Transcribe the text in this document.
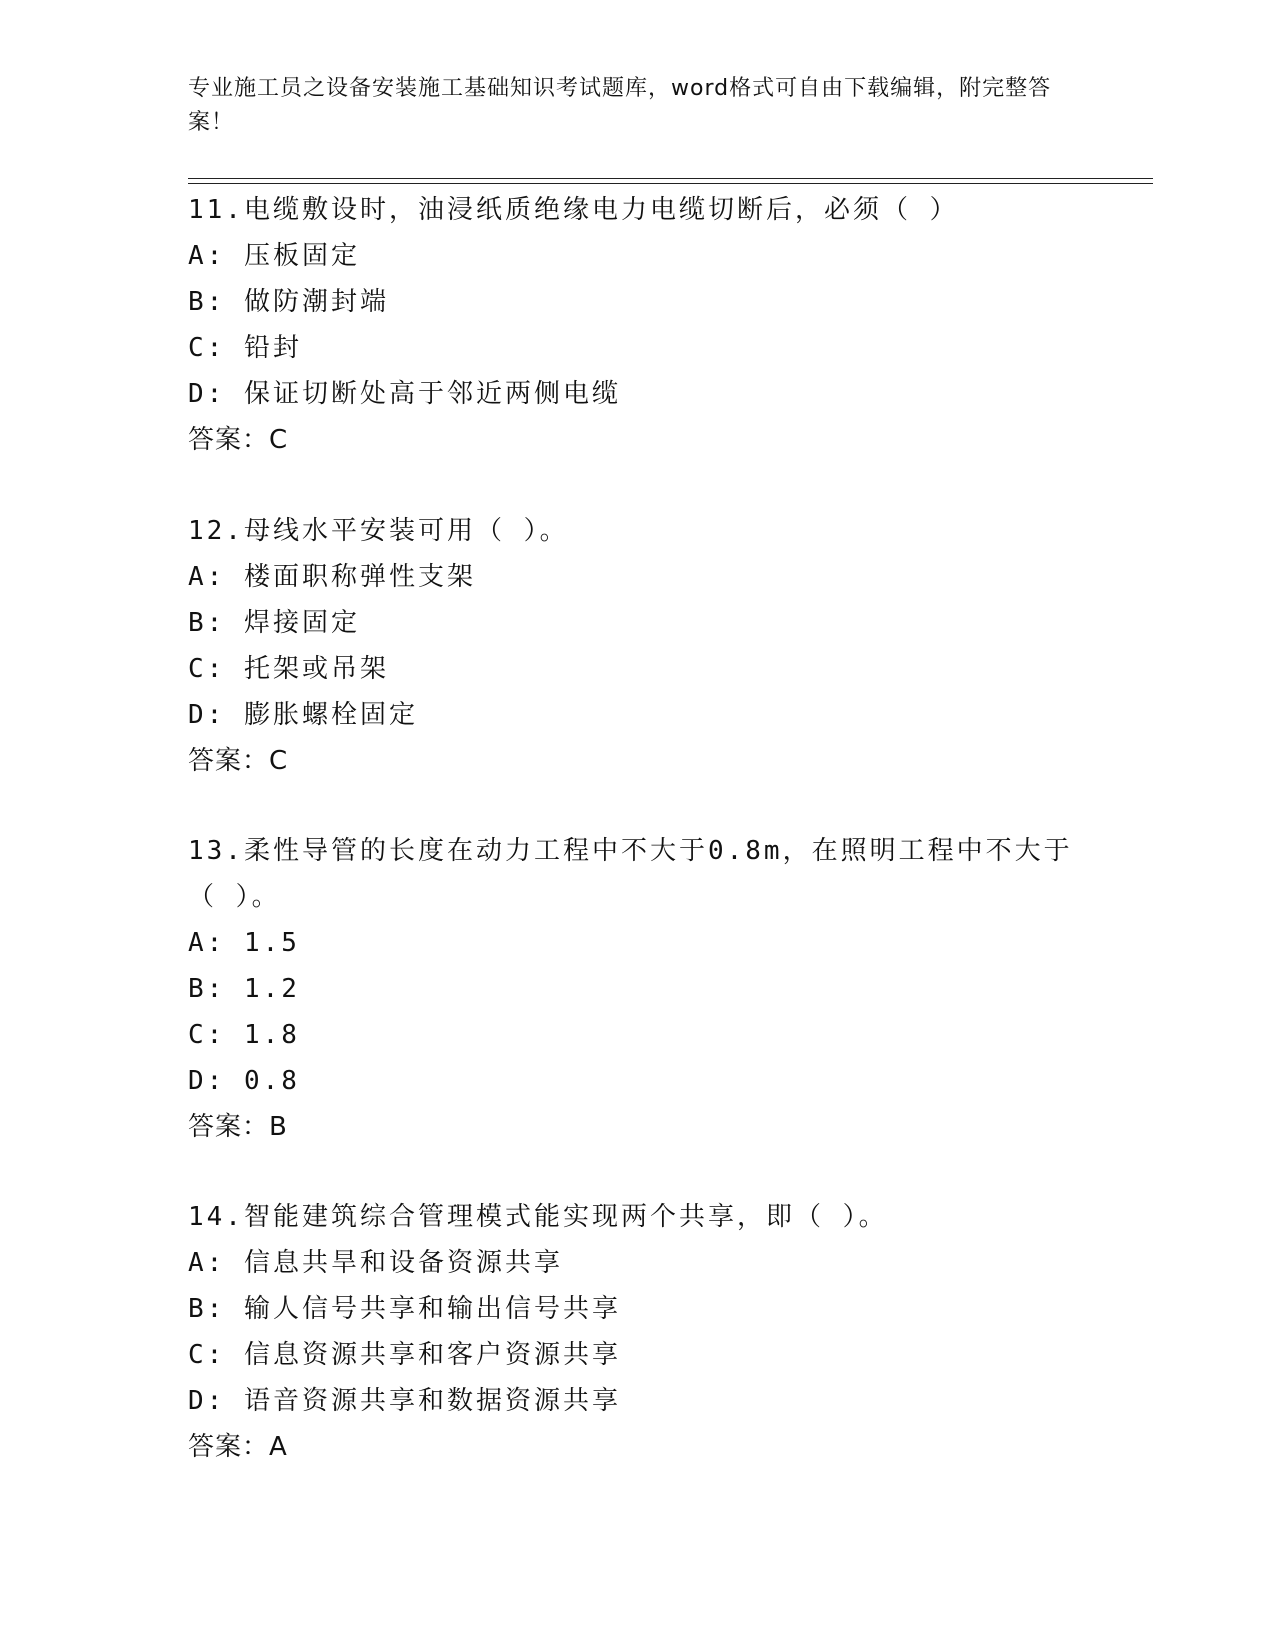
专业施工员之设备安装施工基础知识考试题库，word格式可自由下载编辑，附完整答案！

11.电缆敷设时，油浸纸质绝缘电力电缆切断后，必须（ ）

A: 压板固定

B: 做防潮封端

C: 铅封

D: 保证切断处高于邻近两侧电缆

答案：C

12.母线水平安装可用（ ）。

A: 楼面职称弹性支架

B: 焊接固定

C: 托架或吊架

D: 膨胀螺栓固定

答案：C

13.柔性导管的长度在动力工程中不大于0.8m，在照明工程中不大于（ ）。

A: 1.5

B: 1.2

C: 1.8

D: 0.8

答案：B

14.智能建筑综合管理模式能实现两个共享，即（ ）。

A: 信息共旱和设备资源共享

B: 输人信号共享和输出信号共享

C: 信息资源共享和客户资源共享

D: 语音资源共享和数据资源共享

答案：A
